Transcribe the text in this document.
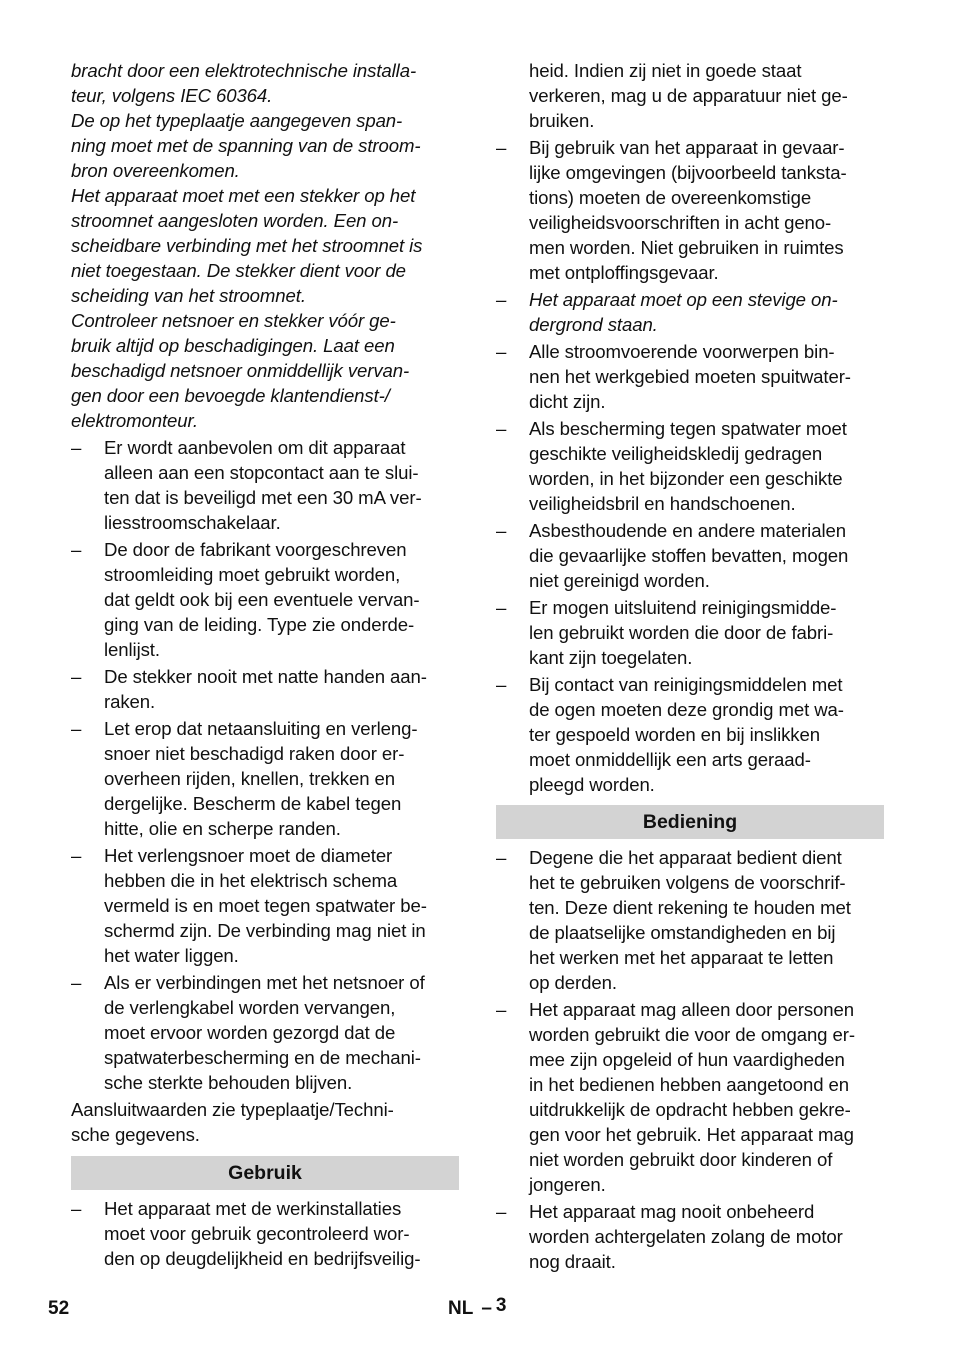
bracht door een elektrotechnische installa-
teur, volgens IEC 60364.
De op het typeplaatje aangegeven span-
ning moet met de spanning van de stroom-
bron overeenkomen.
Het apparaat moet met een stekker op het
stroomnet aangesloten worden. Een on-
scheidbare verbinding met het stroomnet is
niet toegestaan. De stekker dient voor de
scheiding van het stroomnet.
Controleer netsnoer en stekker vóór ge-
bruik altijd op beschadigingen. Laat een
beschadigd netsnoer onmiddellijk vervan-
gen door een bevoegde klantendienst-/
elektromonteur.
– Er wordt aanbevolen om dit apparaat
alleen aan een stopcontact aan te slui-
ten dat is beveiligd met een 30 mA ver-
liesstroomschakelaar.
– De door de fabrikant voorgeschreven
stroomleiding moet gebruikt worden,
dat geldt ook bij een eventuele vervan-
ging van de leiding. Type zie onderde-
lenlijst.
– De stekker nooit met natte handen aan-
raken.
– Let erop dat netaansluiting en verleng-
snoer niet beschadigd raken door er-
overheen rijden, knellen, trekken en
dergelijke. Bescherm de kabel tegen
hitte, olie en scherpe randen.
– Het verlengsnoer moet de diameter
hebben die in het elektrisch schema
vermeld is en moet tegen spatwater be-
schermd zijn. De verbinding mag niet in
het water liggen.
– Als er verbindingen met het netsnoer of
de verlengkabel worden vervangen,
moet ervoor worden gezorgd dat de
spatwaterbescherming en de mechani-
sche sterkte behouden blijven.
Aansluitwaarden zie typeplaatje/Techni-
sche gegevens.
Gebruik
– Het apparaat met de werkinstallaties
moet voor gebruik gecontroleerd wor-
den op deugdelijkheid en bedrijfsveilig-
heid. Indien zij niet in goede staat
verkeren, mag u de apparatuur niet ge-
bruiken.
– Bij gebruik van het apparaat in gevaar-
lijke omgevingen (bijvoorbeeld tanksta-
tions) moeten de overeenkomstige
veiligheidsvoorschriften in acht geno-
men worden. Niet gebruiken in ruimtes
met ontploffingsgevaar.
– Het apparaat moet op een stevige on-
dergrond staan.
– Alle stroomvoerende voorwerpen bin-
nen het werkgebied moeten spuitwater-
dicht zijn.
– Als bescherming tegen spatwater moet
geschikte veiligheidskledij gedragen
worden, in het bijzonder een geschikte
veiligheidsbril en handschoenen.
– Asbesthoudende en andere materialen
die gevaarlijke stoffen bevatten, mogen
niet gereinigd worden.
– Er mogen uitsluitend reinigingsmidde-
len gebruikt worden die door de fabri-
kant zijn toegelaten.
– Bij contact van reinigingsmiddelen met
de ogen moeten deze grondig met wa-
ter gespoeld worden en bij inslikken
moet onmiddellijk een arts geraad-
pleegd worden.
Bediening
– Degene die het apparaat bedient dient
het te gebruiken volgens de voorschrif-
ten. Deze dient rekening te houden met
de plaatselijke omstandigheden en bij
het werken met het apparaat te letten
op derden.
– Het apparaat mag alleen door personen
worden gebruikt die voor de omgang er-
mee zijn opgeleid of hun vaardigheden
in het bedienen hebben aangetoond en
uitdrukkelijk de opdracht hebben gekre-
gen voor het gebruik. Het apparaat mag
niet worden gebruikt door kinderen of
jongeren.
– Het apparaat mag nooit onbeheerd
worden achtergelaten zolang de motor
nog draait.
52	NL – 3
